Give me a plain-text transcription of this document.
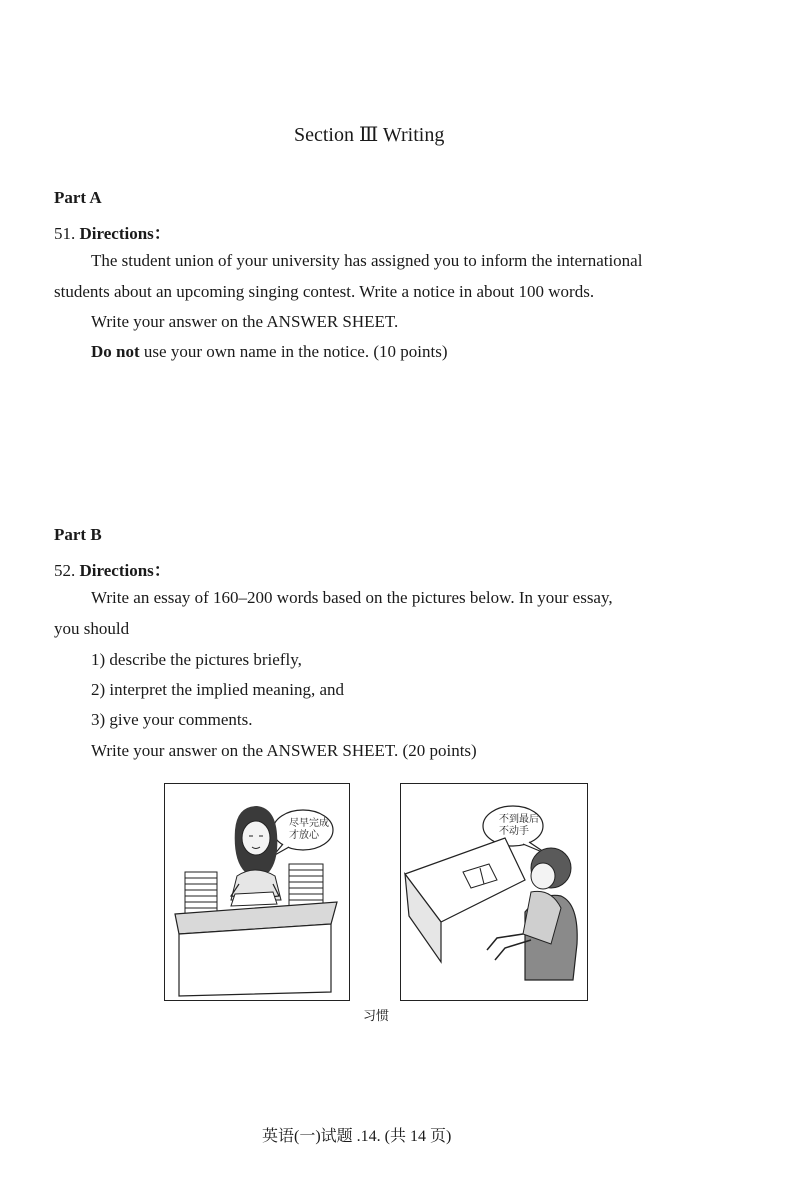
Section Ⅲ Writing
Part A
51. Directions：
The student union of your university has assigned you to inform the international
students about an upcoming singing contest. Write a notice in about 100 words.
Write your answer on the ANSWER SHEET.
Do not use your own name in the notice. (10 points)
Part B
52. Directions：
Write an essay of 160–200 words based on the pictures below. In your essay,
you should
1) describe the pictures briefly,
2) interpret the implied meaning, and
3) give your comments.
Write your answer on the ANSWER SHEET. (20 points)
尽早完成
才放心
不到最后
不动手
习惯
英语(一)试题 .14. (共 14 页)
